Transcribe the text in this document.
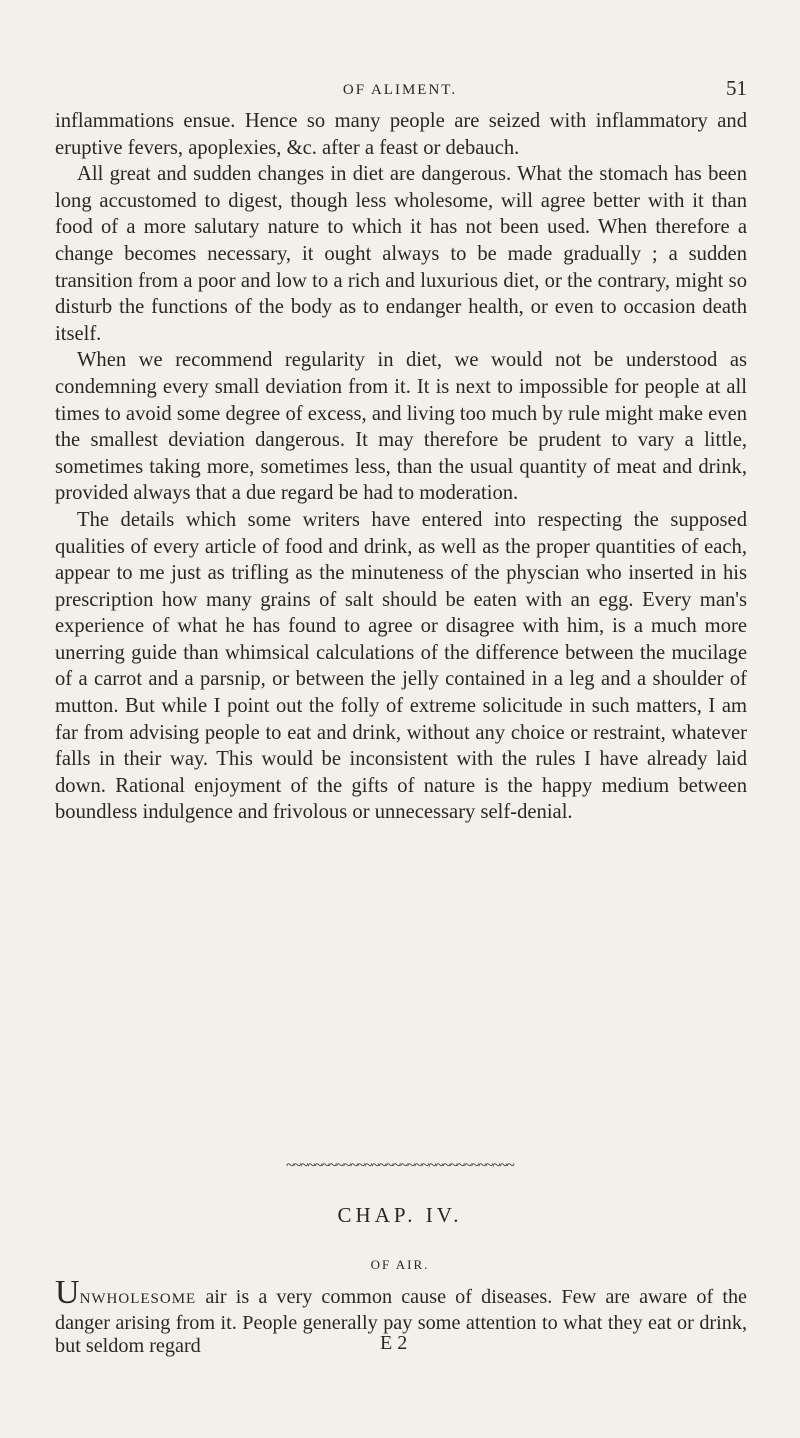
OF ALIMENT.	51

inflammations ensue. Hence so many people are seized with inflammatory and eruptive fevers, apoplexies, &c. after a feast or debauch.

All great and sudden changes in diet are dangerous. What the stomach has been long accustomed to digest, though less wholesome, will agree better with it than food of a more salutary nature to which it has not been used. When therefore a change becomes necessary, it ought always to be made gradually ; a sudden transition from a poor and low to a rich and luxurious diet, or the contrary, might so disturb the functions of the body as to endanger health, or even to occasion death itself.

When we recommend regularity in diet, we would not be understood as condemning every small deviation from it. It is next to impossible for people at all times to avoid some degree of excess, and living too much by rule might make even the smallest deviation dangerous. It may therefore be prudent to vary a little, sometimes taking more, sometimes less, than the usual quantity of meat and drink, provided always that a due regard be had to moderation.

The details which some writers have entered into respecting the supposed qualities of every article of food and drink, as well as the proper quantities of each, appear to me just as trifling as the minuteness of the physcian who inserted in his prescription how many grains of salt should be eaten with an egg. Every man's experience of what he has found to agree or disagree with him, is a much more unerring guide than whimsical calculations of the difference between the mucilage of a carrot and a parsnip, or between the jelly contained in a leg and a shoulder of mutton. But while I point out the folly of extreme solicitude in such matters, I am far from advising people to eat and drink, without any choice or restraint, whatever falls in their way. This would be inconsistent with the rules I have already laid down. Rational enjoyment of the gifts of nature is the happy medium between boundless indulgence and frivolous or unnecessary self-denial.

~~~~~~~~~~~~~~~~~~~~~~~~~~~~~~~~
CHAP. IV.
OF AIR.
UNWHOLESOME air is a very common cause of diseases. Few are aware of the danger arising from it. People generally pay some attention to what they eat or drink, but seldom regard	E 2
